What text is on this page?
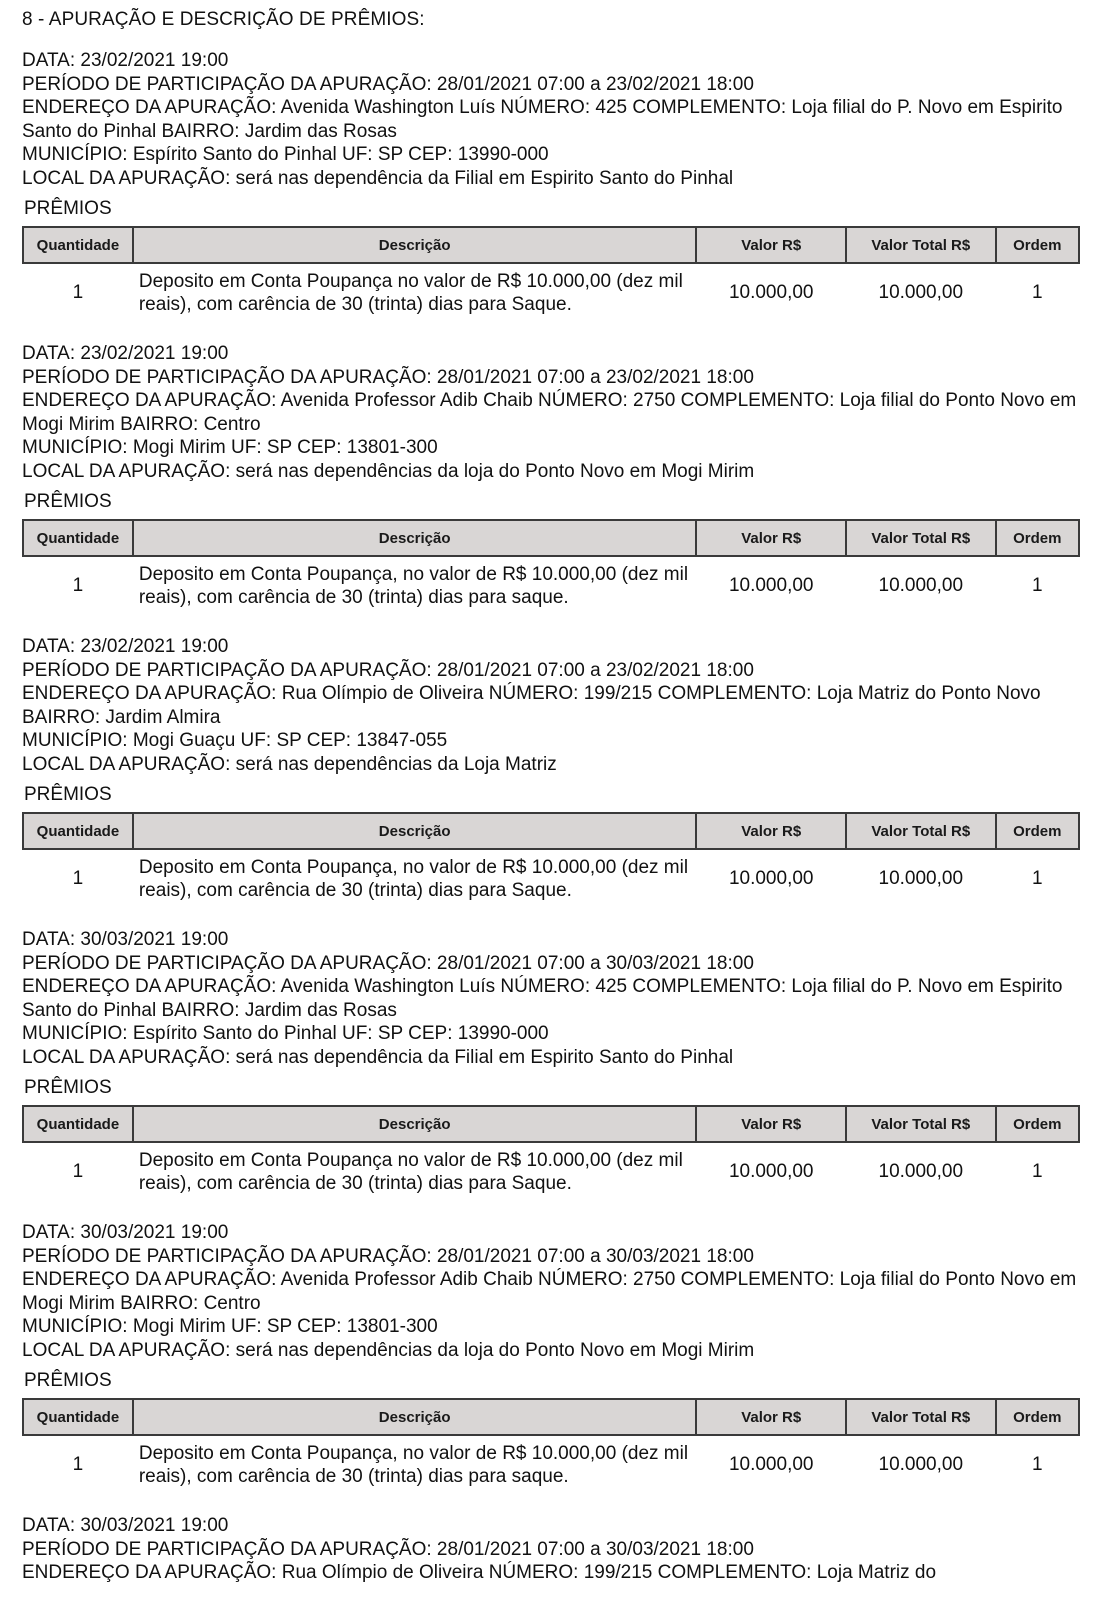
8 - APURAÇÃO E DESCRIÇÃO DE PRÊMIOS:

DATA: 23/02/2021 19:00

PERÍODO DE PARTICIPAÇÃO DA APURAÇÃO: 28/01/2021 07:00 a 23/02/2021 18:00

ENDEREÇO DA APURAÇÃO: Avenida Washington Luís NÚMERO: 425 COMPLEMENTO: Loja filial do P. Novo em Espirito Santo do Pinhal BAIRRO: Jardim das Rosas

MUNICÍPIO: Espírito Santo do Pinhal UF: SP CEP: 13990-000

LOCAL DA APURAÇÃO: será nas dependência da Filial em Espirito Santo do Pinhal

PRÊMIOS
Quantidade	Descrição	Valor R$	Valor Total R$	Ordem
1	Deposito em Conta Poupança no valor de R$ 10.000,00 (dez mil reais), com carência de 30 (trinta) dias para Saque.	10.000,00	10.000,00	1

DATA: 23/02/2021 19:00

PERÍODO DE PARTICIPAÇÃO DA APURAÇÃO: 28/01/2021 07:00 a 23/02/2021 18:00

ENDEREÇO DA APURAÇÃO: Avenida Professor Adib Chaib NÚMERO: 2750 COMPLEMENTO: Loja filial do Ponto Novo em Mogi Mirim BAIRRO: Centro

MUNICÍPIO: Mogi Mirim UF: SP CEP: 13801-300

LOCAL DA APURAÇÃO: será nas dependências da loja do Ponto Novo em Mogi Mirim

PRÊMIOS
Quantidade	Descrição	Valor R$	Valor Total R$	Ordem
1	Deposito em Conta Poupança, no valor de R$ 10.000,00 (dez mil reais), com carência de 30 (trinta) dias para saque.	10.000,00	10.000,00	1

DATA: 23/02/2021 19:00

PERÍODO DE PARTICIPAÇÃO DA APURAÇÃO: 28/01/2021 07:00 a 23/02/2021 18:00

ENDEREÇO DA APURAÇÃO: Rua Olímpio de Oliveira NÚMERO: 199/215 COMPLEMENTO: Loja Matriz do Ponto Novo BAIRRO: Jardim Almira

MUNICÍPIO: Mogi Guaçu UF: SP CEP: 13847-055

LOCAL DA APURAÇÃO: será nas dependências da Loja Matriz

PRÊMIOS
Quantidade	Descrição	Valor R$	Valor Total R$	Ordem
1	Deposito em Conta Poupança, no valor de R$ 10.000,00 (dez mil reais), com carência de 30 (trinta) dias para Saque.	10.000,00	10.000,00	1

DATA: 30/03/2021 19:00

PERÍODO DE PARTICIPAÇÃO DA APURAÇÃO: 28/01/2021 07:00 a 30/03/2021 18:00

ENDEREÇO DA APURAÇÃO: Avenida Washington Luís NÚMERO: 425 COMPLEMENTO: Loja filial do P. Novo em Espirito Santo do Pinhal BAIRRO: Jardim das Rosas

MUNICÍPIO: Espírito Santo do Pinhal UF: SP CEP: 13990-000

LOCAL DA APURAÇÃO: será nas dependência da Filial em Espirito Santo do Pinhal

PRÊMIOS
Quantidade	Descrição	Valor R$	Valor Total R$	Ordem
1	Deposito em Conta Poupança no valor de R$ 10.000,00 (dez mil reais), com carência de 30 (trinta) dias para Saque.	10.000,00	10.000,00	1

DATA: 30/03/2021 19:00

PERÍODO DE PARTICIPAÇÃO DA APURAÇÃO: 28/01/2021 07:00 a 30/03/2021 18:00

ENDEREÇO DA APURAÇÃO: Avenida Professor Adib Chaib NÚMERO: 2750 COMPLEMENTO: Loja filial do Ponto Novo em Mogi Mirim BAIRRO: Centro

MUNICÍPIO: Mogi Mirim UF: SP CEP: 13801-300

LOCAL DA APURAÇÃO: será nas dependências da loja do Ponto Novo em Mogi Mirim

PRÊMIOS
Quantidade	Descrição	Valor R$	Valor Total R$	Ordem
1	Deposito em Conta Poupança, no valor de R$ 10.000,00 (dez mil reais), com carência de 30 (trinta) dias para saque.	10.000,00	10.000,00	1

DATA: 30/03/2021 19:00

PERÍODO DE PARTICIPAÇÃO DA APURAÇÃO: 28/01/2021 07:00 a 30/03/2021 18:00

ENDEREÇO DA APURAÇÃO: Rua Olímpio de Oliveira NÚMERO: 199/215 COMPLEMENTO: Loja Matriz do
